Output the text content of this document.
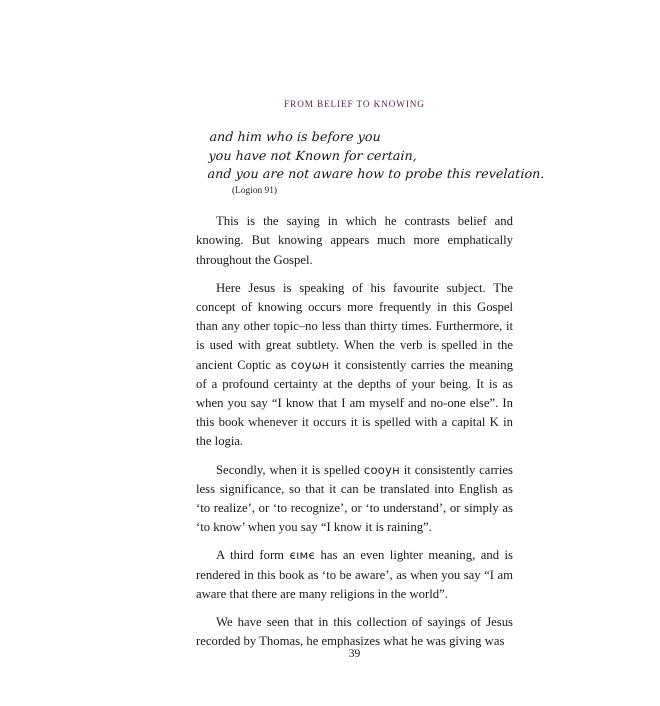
FROM BELIEF TO KNOWING
and him who is before you
you have not Known for certain,
and you are not aware how to probe this revelation.
(Logion 91)

This is the saying in which he contrasts belief and knowing. But knowing appears much more emphatically throughout the Gospel.

Here Jesus is speaking of his favourite subject. The concept of knowing occurs more frequently in this Gospel than any other topic–no less than thirty times. Furthermore, it is used with great subtlety. When the verb is spelled in the ancient Coptic as соуωн it consistently carries the meaning of a profound certainty at the depths of your being. It is as when you say “I know that I am myself and no-one else”. In this book whenever it occurs it is spelled with a capital K in the logia.

Secondly, when it is spelled сооун it consistently carries less significance, so that it can be translated into English as ‘to realize’, or ‘to recognize’, or ‘to understand’, or simply as ‘to know’ when you say “I know it is raining”.

A third form єıмє has an even lighter meaning, and is rendered in this book as ‘to be aware’, as when you say “I am aware that there are many religions in the world”.

We have seen that in this collection of sayings of Jesus recorded by Thomas, he emphasizes what he was giving was

39
